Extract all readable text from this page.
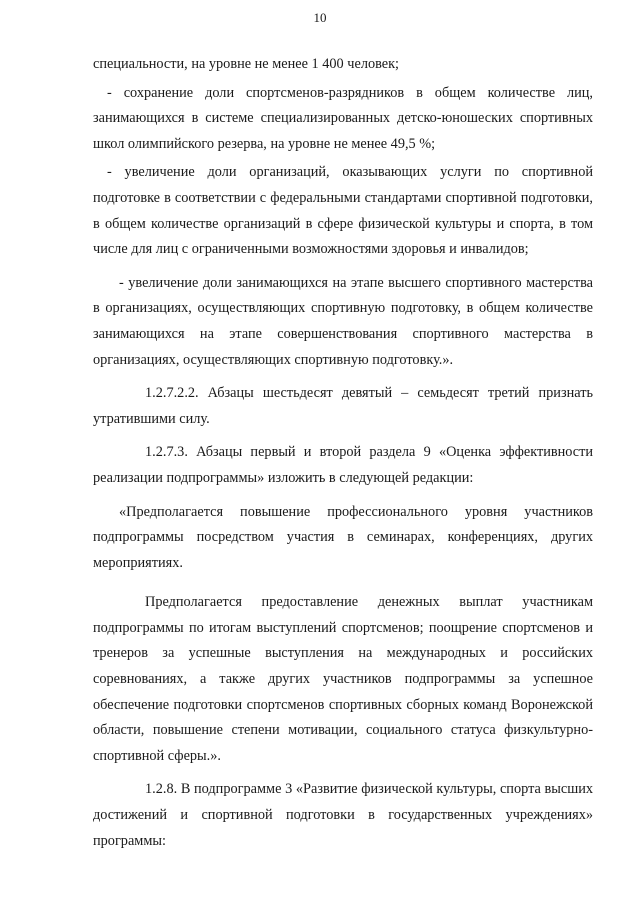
10

специальности, на уровне не менее 1 400 человек;

- сохранение доли спортсменов-разрядников в общем количестве лиц, занимающихся в системе специализированных детско-юношеских спортивных школ олимпийского резерва, на уровне не менее 49,5 %;

- увеличение доли организаций, оказывающих услуги по спортивной подготовке в соответствии с федеральными стандартами спортивной подготовки, в общем количестве организаций в сфере физической культуры и спорта, в том числе для лиц с ограниченными возможностями здоровья и инвалидов;

- увеличение доли занимающихся на этапе высшего спортивного мастерства в организациях, осуществляющих спортивную подготовку, в общем количестве занимающихся на этапе совершенствования спортивного мастерства в организациях, осуществляющих спортивную подготовку.».

1.2.7.2.2. Абзацы шестьдесят девятый – семьдесят третий признать утратившими силу.

1.2.7.3. Абзацы первый и второй раздела 9 «Оценка эффективности реализации подпрограммы» изложить в следующей редакции:

«Предполагается повышение профессионального уровня участников подпрограммы посредством участия в семинарах, конференциях, других мероприятиях.

Предполагается предоставление денежных выплат участникам подпрограммы по итогам выступлений спортсменов; поощрение спортсменов и тренеров за успешные выступления на международных и российских соревнованиях, а также других участников подпрограммы за успешное обеспечение подготовки спортсменов спортивных сборных команд Воронежской области, повышение степени мотивации, социального статуса физкультурно-спортивной сферы.».

1.2.8. В подпрограмме 3 «Развитие физической культуры, спорта высших достижений и спортивной подготовки в государственных учреждениях» программы:
